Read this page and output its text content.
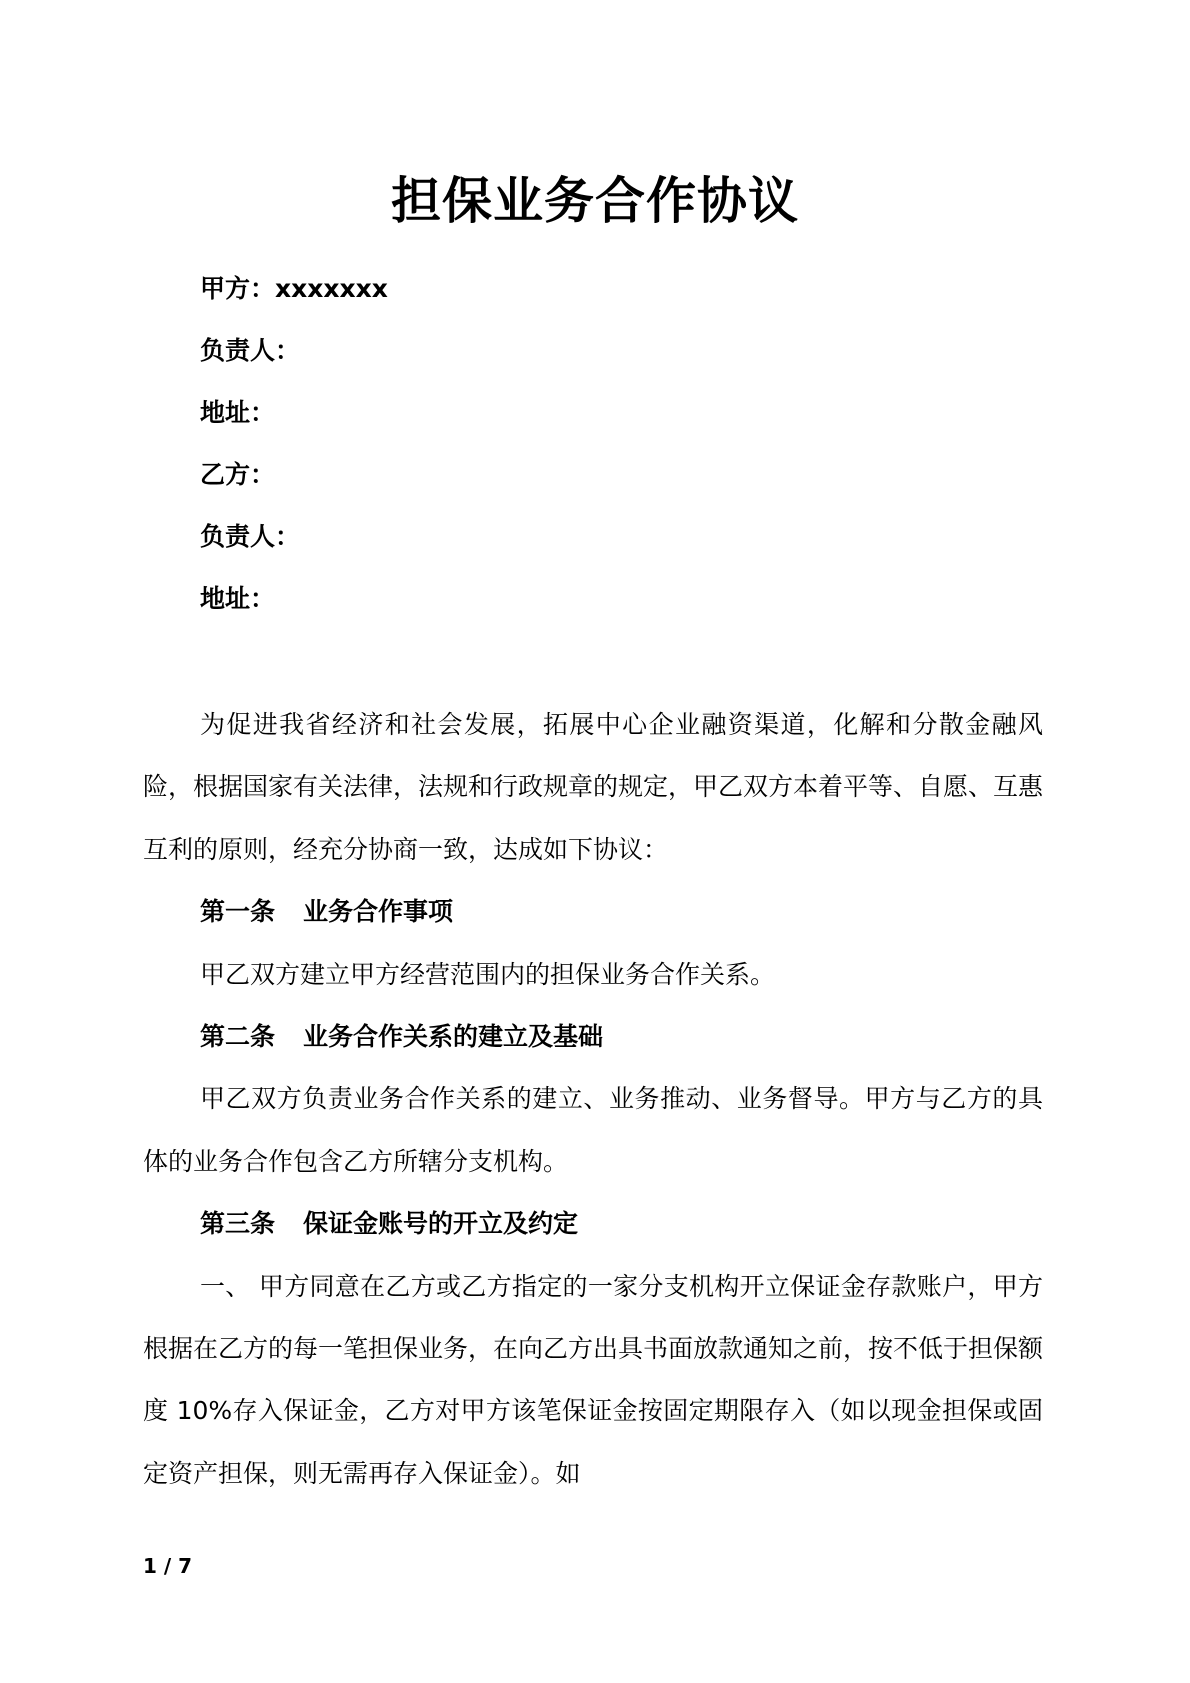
担保业务合作协议
甲方：xxxxxxx
负责人：
地址：
乙方：
负责人：
地址：

为促进我省经济和社会发展，拓展中心企业融资渠道，化解和分散金融风险，根据国家有关法律，法规和行政规章的规定，甲乙双方本着平等、自愿、互惠互利的原则，经充分协商一致，达成如下协议：

第一条 业务合作事项

甲乙双方建立甲方经营范围内的担保业务合作关系。

第二条 业务合作关系的建立及基础

甲乙双方负责业务合作关系的建立、业务推动、业务督导。甲方与乙方的具体的业务合作包含乙方所辖分支机构。

第三条 保证金账号的开立及约定

一、 甲方同意在乙方或乙方指定的一家分支机构开立保证金存款账户，甲方根据在乙方的每一笔担保业务，在向乙方出具书面放款通知之前，按不低于担保额度 10%存入保证金，乙方对甲方该笔保证金按固定期限存入（如以现金担保或固定资产担保，则无需再存入保证金）。如

1 / 7
